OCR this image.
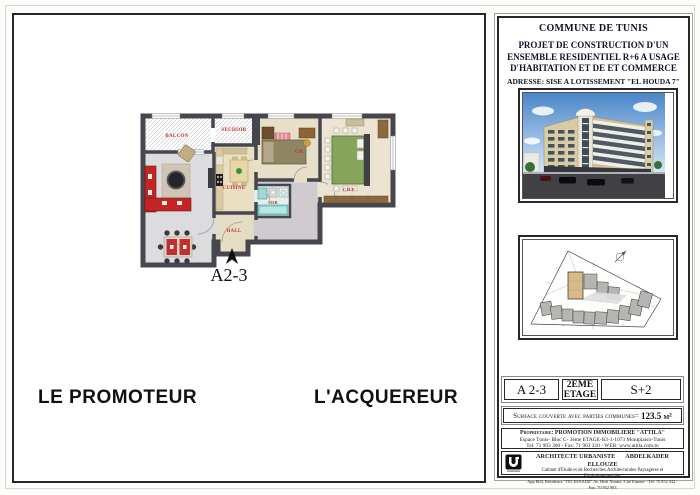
BALCON
SECHOIR
SALON
CUISINE
HALL
SDB
CH
CH.P
A2-3
LE PROMOTEUR	L'ACQUEREUR
COMMUNE DE TUNIS
PROJET DE CONSTRUCTION D'UN
ENSEMBLE RESIDENTIEL R+6 A USAGE
D'HABITATION ET DE ET COMMERCE
ADRESSE: SISE A LOTISSEMENT "EL HOUDA 7"
A 2-3	2EME
ETAGE	S+2
Surface couverte avec parties communes= 123.5 m²
Proprietaire: PROMOTION IMMOBILIERE "ATTILA"
Espace Tunis- Bloc C- 3ème ETAGE-B3-1-1073 Montplaisir-Tunis
Tel: 71 903 300 - Fax: 71 903 310 - WEB: www.attila.com.tn
ARCHITECTE URBANISTE ABDELKADER ELLOUZE
Cabinet d'Etude et de Recherches Architecturales Paysagères et Environnementales
App B04, Résidence "TEJ ESNADII" Av. Hedi Nouira -Cité Ennasr- -Tél: 70 852 942 -Fax: 70 852 983
